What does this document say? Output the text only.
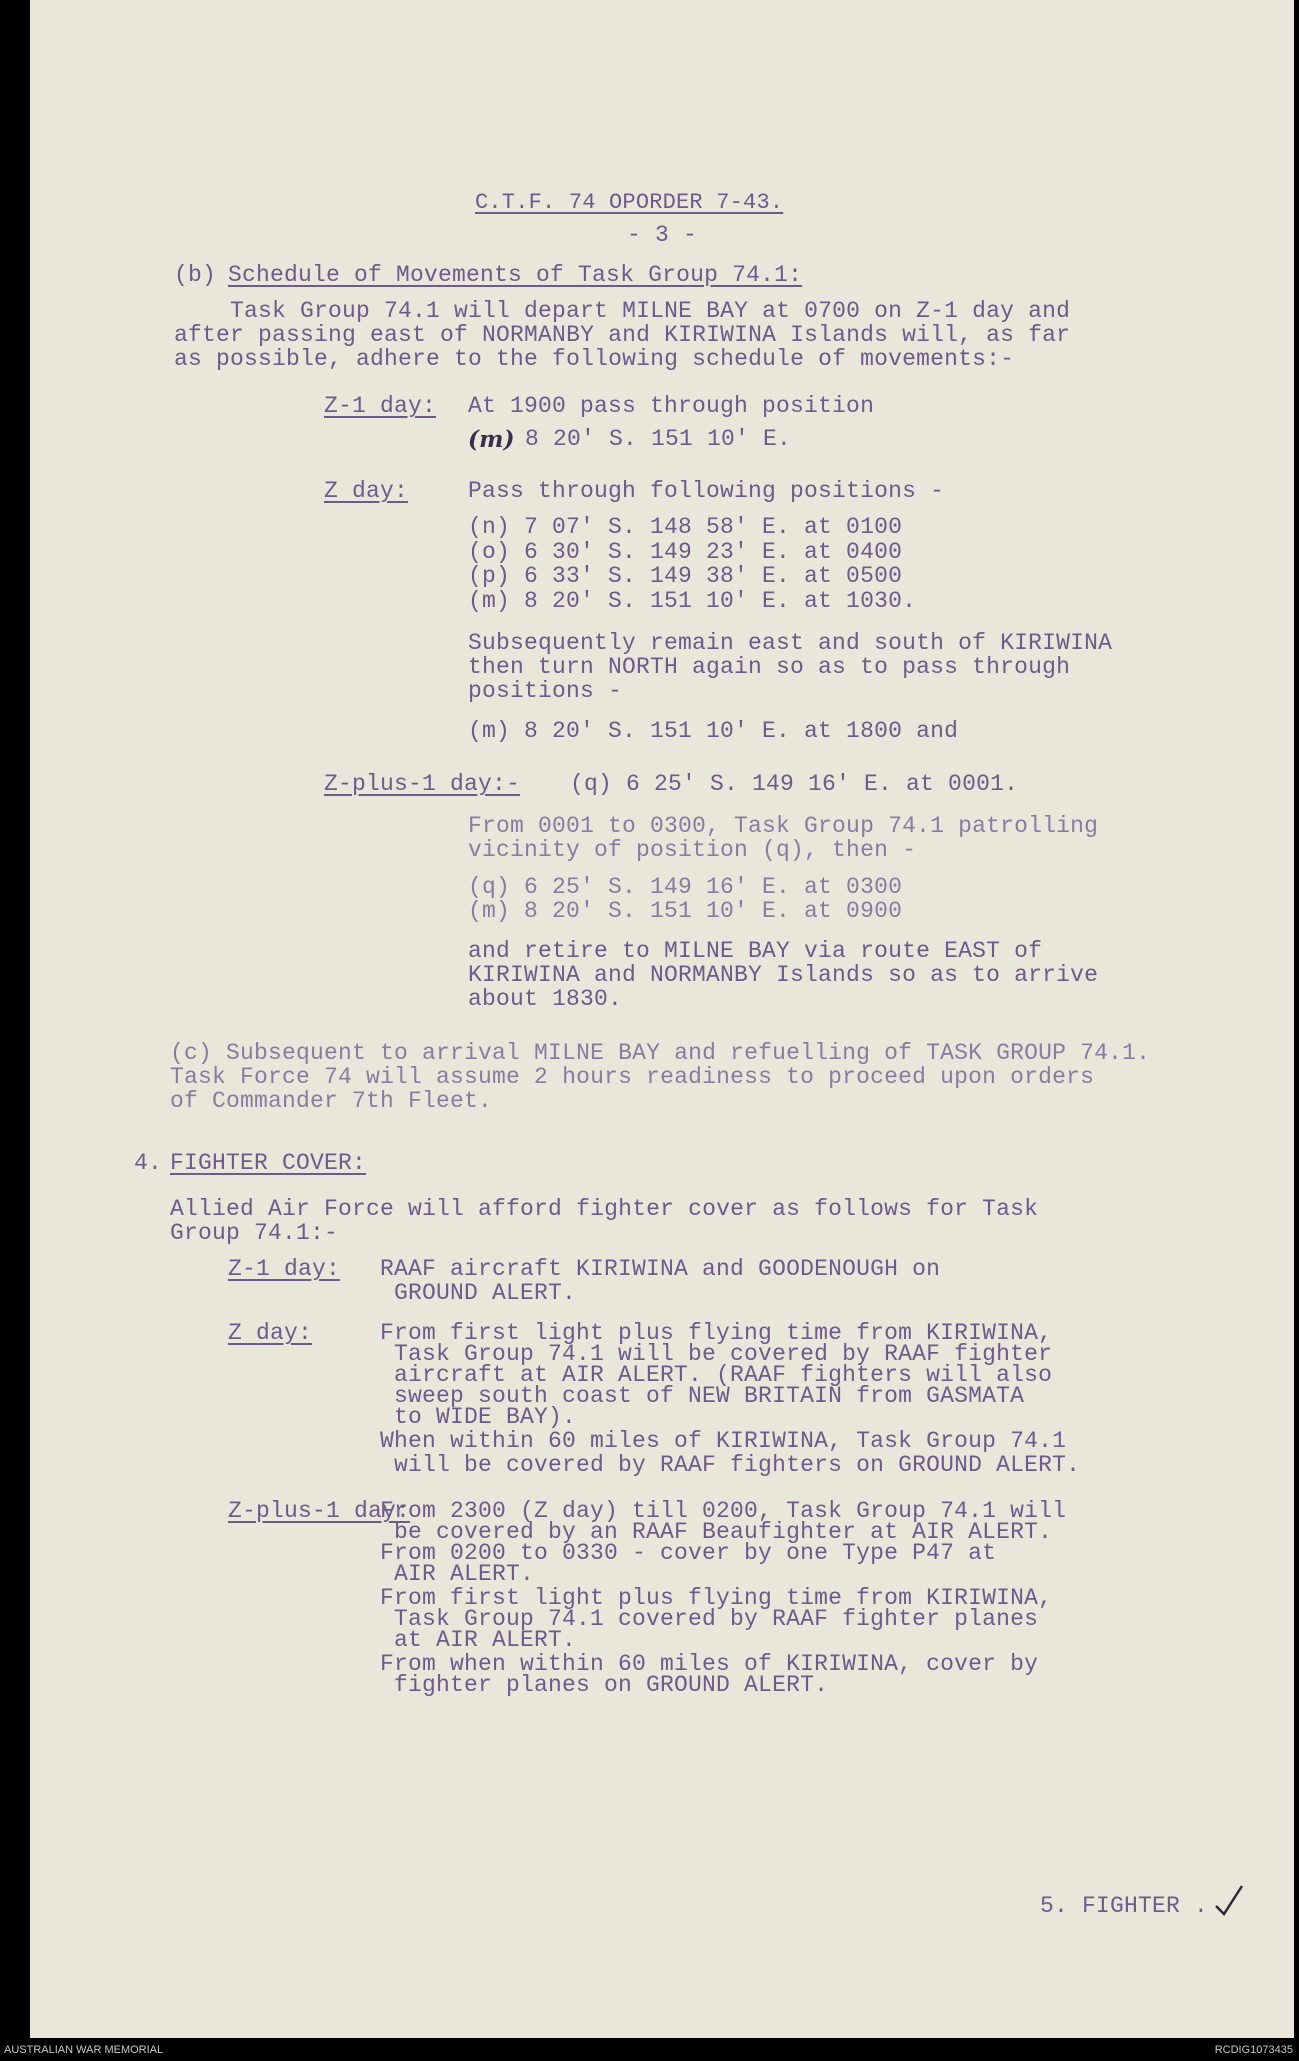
C.T.F. 74 OPORDER 7-43.
- 3 -
(b) Schedule of Movements of Task Group 74.1:
Task Group 74.1 will depart MILNE BAY at 0700 on Z-1 day and
after passing east of NORMANBY and KIRIWINA Islands will, as far
as possible, adhere to the following schedule of movements:-
Z-1 day: At 1900 pass through position
(m) 8 20' S. 151 10' E.
Z day:	Pass through following positions -
(n) 7 07' S. 148 58' E. at 0100
(o) 6 30' S. 149 23' E. at 0400
(p) 6 33' S. 149 38' E. at 0500
(m) 8 20' S. 151 10' E. at 1030.
Subsequently remain east and south of KIRIWINA
then turn NORTH again so as to pass through
positions -
(m) 8 20' S. 151 10' E. at 1800 and
Z-plus-1 day:- (q) 6 25' S. 149 16' E. at 0001.
From 0001 to 0300, Task Group 74.1 patrolling
vicinity of position (q), then -
(q) 6 25' S. 149 16' E. at 0300
(m) 8 20' S. 151 10' E. at 0900
and retire to MILNE BAY via route EAST of
KIRIWINA and NORMANBY Islands so as to arrive
about 1830.
(c) Subsequent to arrival MILNE BAY and refuelling of TASK GROUP 74.1.
Task Force 74 will assume 2 hours readiness to proceed upon orders
of Commander 7th Fleet.
4. FIGHTER COVER:
Allied Air Force will afford fighter cover as follows for Task
Group 74.1:-
Z-1 day: RAAF aircraft KIRIWINA and GOODENOUGH on
GROUND ALERT.
Z day:	From first light plus flying time from KIRIWINA,
Task Group 74.1 will be covered by RAAF fighter
aircraft at AIR ALERT. (RAAF fighters will also
sweep south coast of NEW BRITAIN from GASMATA
to WIDE BAY).
When within 60 miles of KIRIWINA, Task Group 74.1
will be covered by RAAF fighters on GROUND ALERT.
Z-plus-1 day:
From 2300 (Z day) till 0200, Task Group 74.1 will
be covered by an RAAF Beaufighter at AIR ALERT.
From 0200 to 0330 - cover by one Type P47 at
AIR ALERT.
From first light plus flying time from KIRIWINA,
Task Group 74.1 covered by RAAF fighter planes
at AIR ALERT.
From when within 60 miles of KIRIWINA, cover by
fighter planes on GROUND ALERT.
5. FIGHTER .
AUSTRALIAN WAR MEMORIAL	RCDIG1073435
